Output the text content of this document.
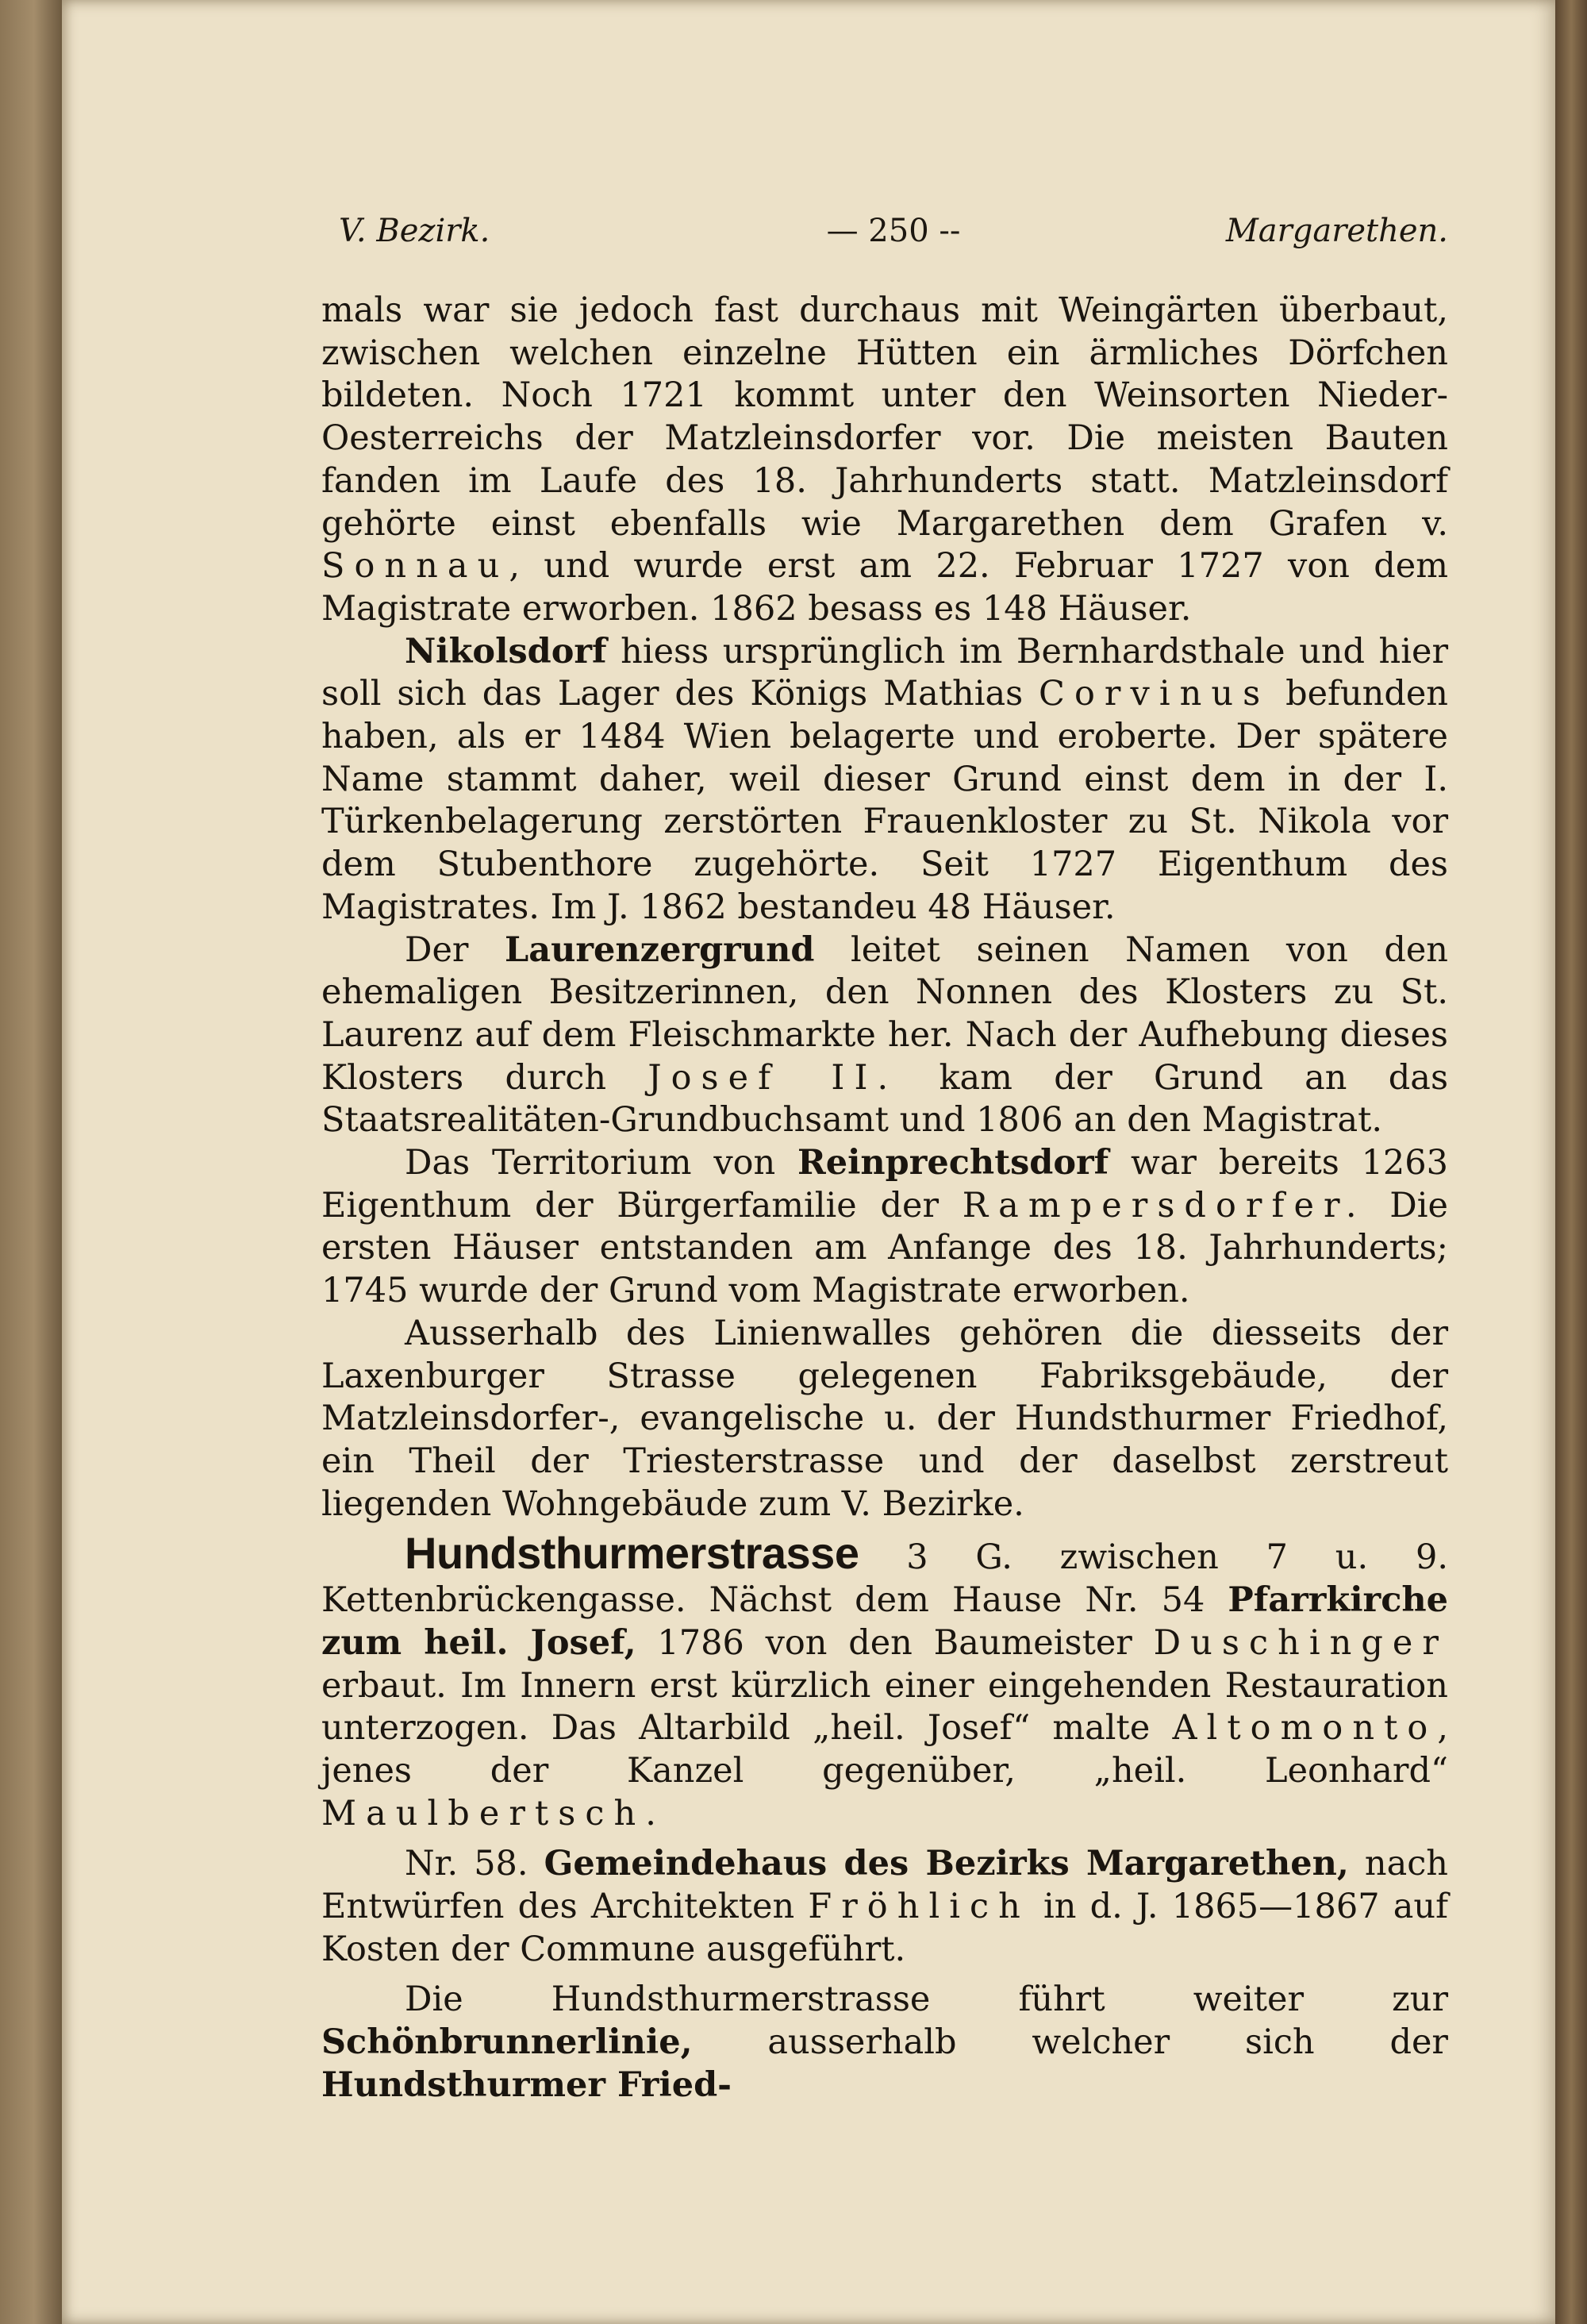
V. Bezirk.	— 250 --	Margarethen.

mals war sie jedoch fast durchaus mit Weingärten überbaut, zwischen welchen einzelne Hütten ein ärmliches Dörfchen bildeten. Noch 1721 kommt unter den Weinsorten Nieder-Oesterreichs der Matzleinsdorfer vor. Die meisten Bauten fanden im Laufe des 18. Jahrhunderts statt. Matzleinsdorf gehörte einst ebenfalls wie Margarethen dem Grafen v. Sonnau, und wurde erst am 22. Februar 1727 von dem Magistrate erworben. 1862 besass es 148 Häuser.

Nikolsdorf hiess ursprünglich im Bernhardsthale und hier soll sich das Lager des Königs Mathias Corvinus befunden haben, als er 1484 Wien belagerte und eroberte. Der spätere Name stammt daher, weil dieser Grund einst dem in der I. Türkenbelagerung zerstörten Frauenkloster zu St. Nikola vor dem Stubenthore zugehörte. Seit 1727 Eigenthum des Magistrates. Im J. 1862 bestandeu 48 Häuser.

Der Laurenzergrund leitet seinen Namen von den ehemaligen Besitzerinnen, den Nonnen des Klosters zu St. Laurenz auf dem Fleischmarkte her. Nach der Aufhebung dieses Klosters durch Josef II. kam der Grund an das Staatsrealitäten-Grundbuchsamt und 1806 an den Magistrat.

Das Territorium von Reinprechtsdorf war bereits 1263 Eigenthum der Bürgerfamilie der Rampersdorfer. Die ersten Häuser entstanden am Anfange des 18. Jahrhunderts; 1745 wurde der Grund vom Magistrate erworben.

Ausserhalb des Linienwalles gehören die diesseits der Laxenburger Strasse gelegenen Fabriksgebäude, der Matzleinsdorfer-, evangelische u. der Hundsthurmer Friedhof, ein Theil der Triesterstrasse und der daselbst zerstreut liegenden Wohngebäude zum V. Bezirke.

Hundsthurmerstrasse 3 G. zwischen 7 u. 9. Kettenbrückengasse. Nächst dem Hause Nr. 54 Pfarrkirche zum heil. Josef, 1786 von den Baumeister Duschinger erbaut. Im Innern erst kürzlich einer eingehenden Restauration unterzogen. Das Altarbild „heil. Josef“ malte Altomonto, jenes der Kanzel gegenüber, „heil. Leonhard“ Maulbertsch.

Nr. 58. Gemeindehaus des Bezirks Margarethen, nach Entwürfen des Architekten Fröhlich in d. J. 1865—1867 auf Kosten der Commune ausgeführt.

Die Hundsthurmerstrasse führt weiter zur Schönbrunnerlinie, ausserhalb welcher sich der Hundsthurmer Fried-
